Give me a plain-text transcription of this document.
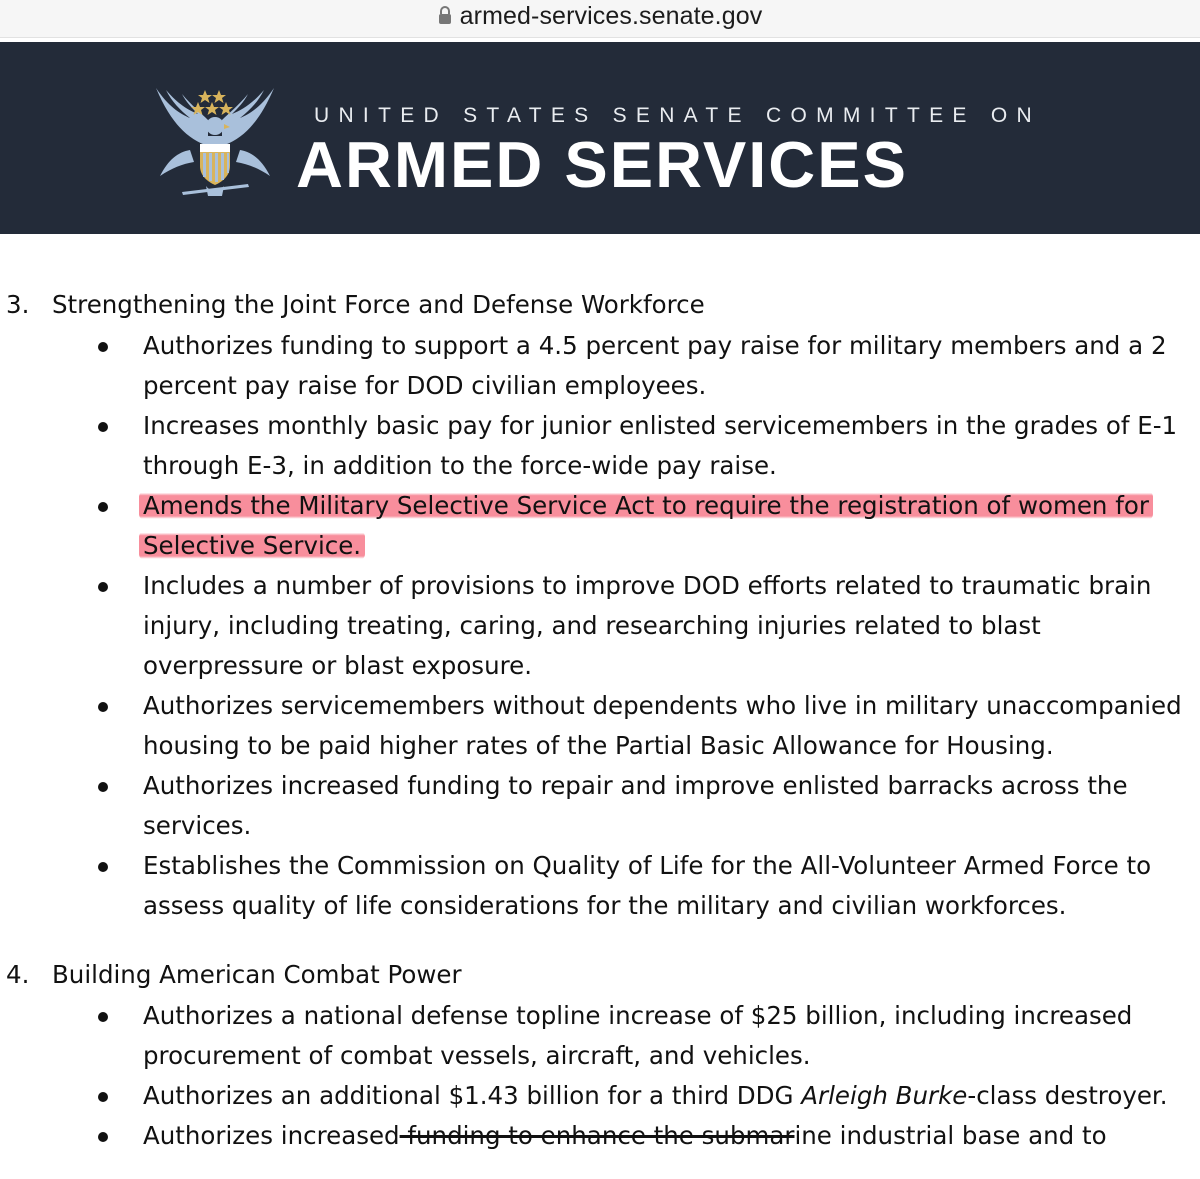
armed-services.senate.gov
UNITED STATES SENATE COMMITTEE ON
ARMED SERVICES
3. Strengthening the Joint Force and Defense Workforce
Authorizes funding to support a 4.5 percent pay raise for military members and a 2 percent pay raise for DOD civilian employees.
Increases monthly basic pay for junior enlisted servicemembers in the grades of E-1 through E-3, in addition to the force-wide pay raise.
Amends the Military Selective Service Act to require the registration of women for Selective Service.
Includes a number of provisions to improve DOD efforts related to traumatic brain injury, including treating, caring, and researching injuries related to blast overpressure or blast exposure.
Authorizes servicemembers without dependents who live in military unaccompanied housing to be paid higher rates of the Partial Basic Allowance for Housing.
Authorizes increased funding to repair and improve enlisted barracks across the services.
Establishes the Commission on Quality of Life for the All-Volunteer Armed Force to assess quality of life considerations for the military and civilian workforces.
4. Building American Combat Power
Authorizes a national defense topline increase of $25 billion, including increased procurement of combat vessels, aircraft, and vehicles.
Authorizes an additional $1.43 billion for a third DDG Arleigh Burke-class destroyer.
Authorizes increased funding to enhance the submarine industrial base and to
